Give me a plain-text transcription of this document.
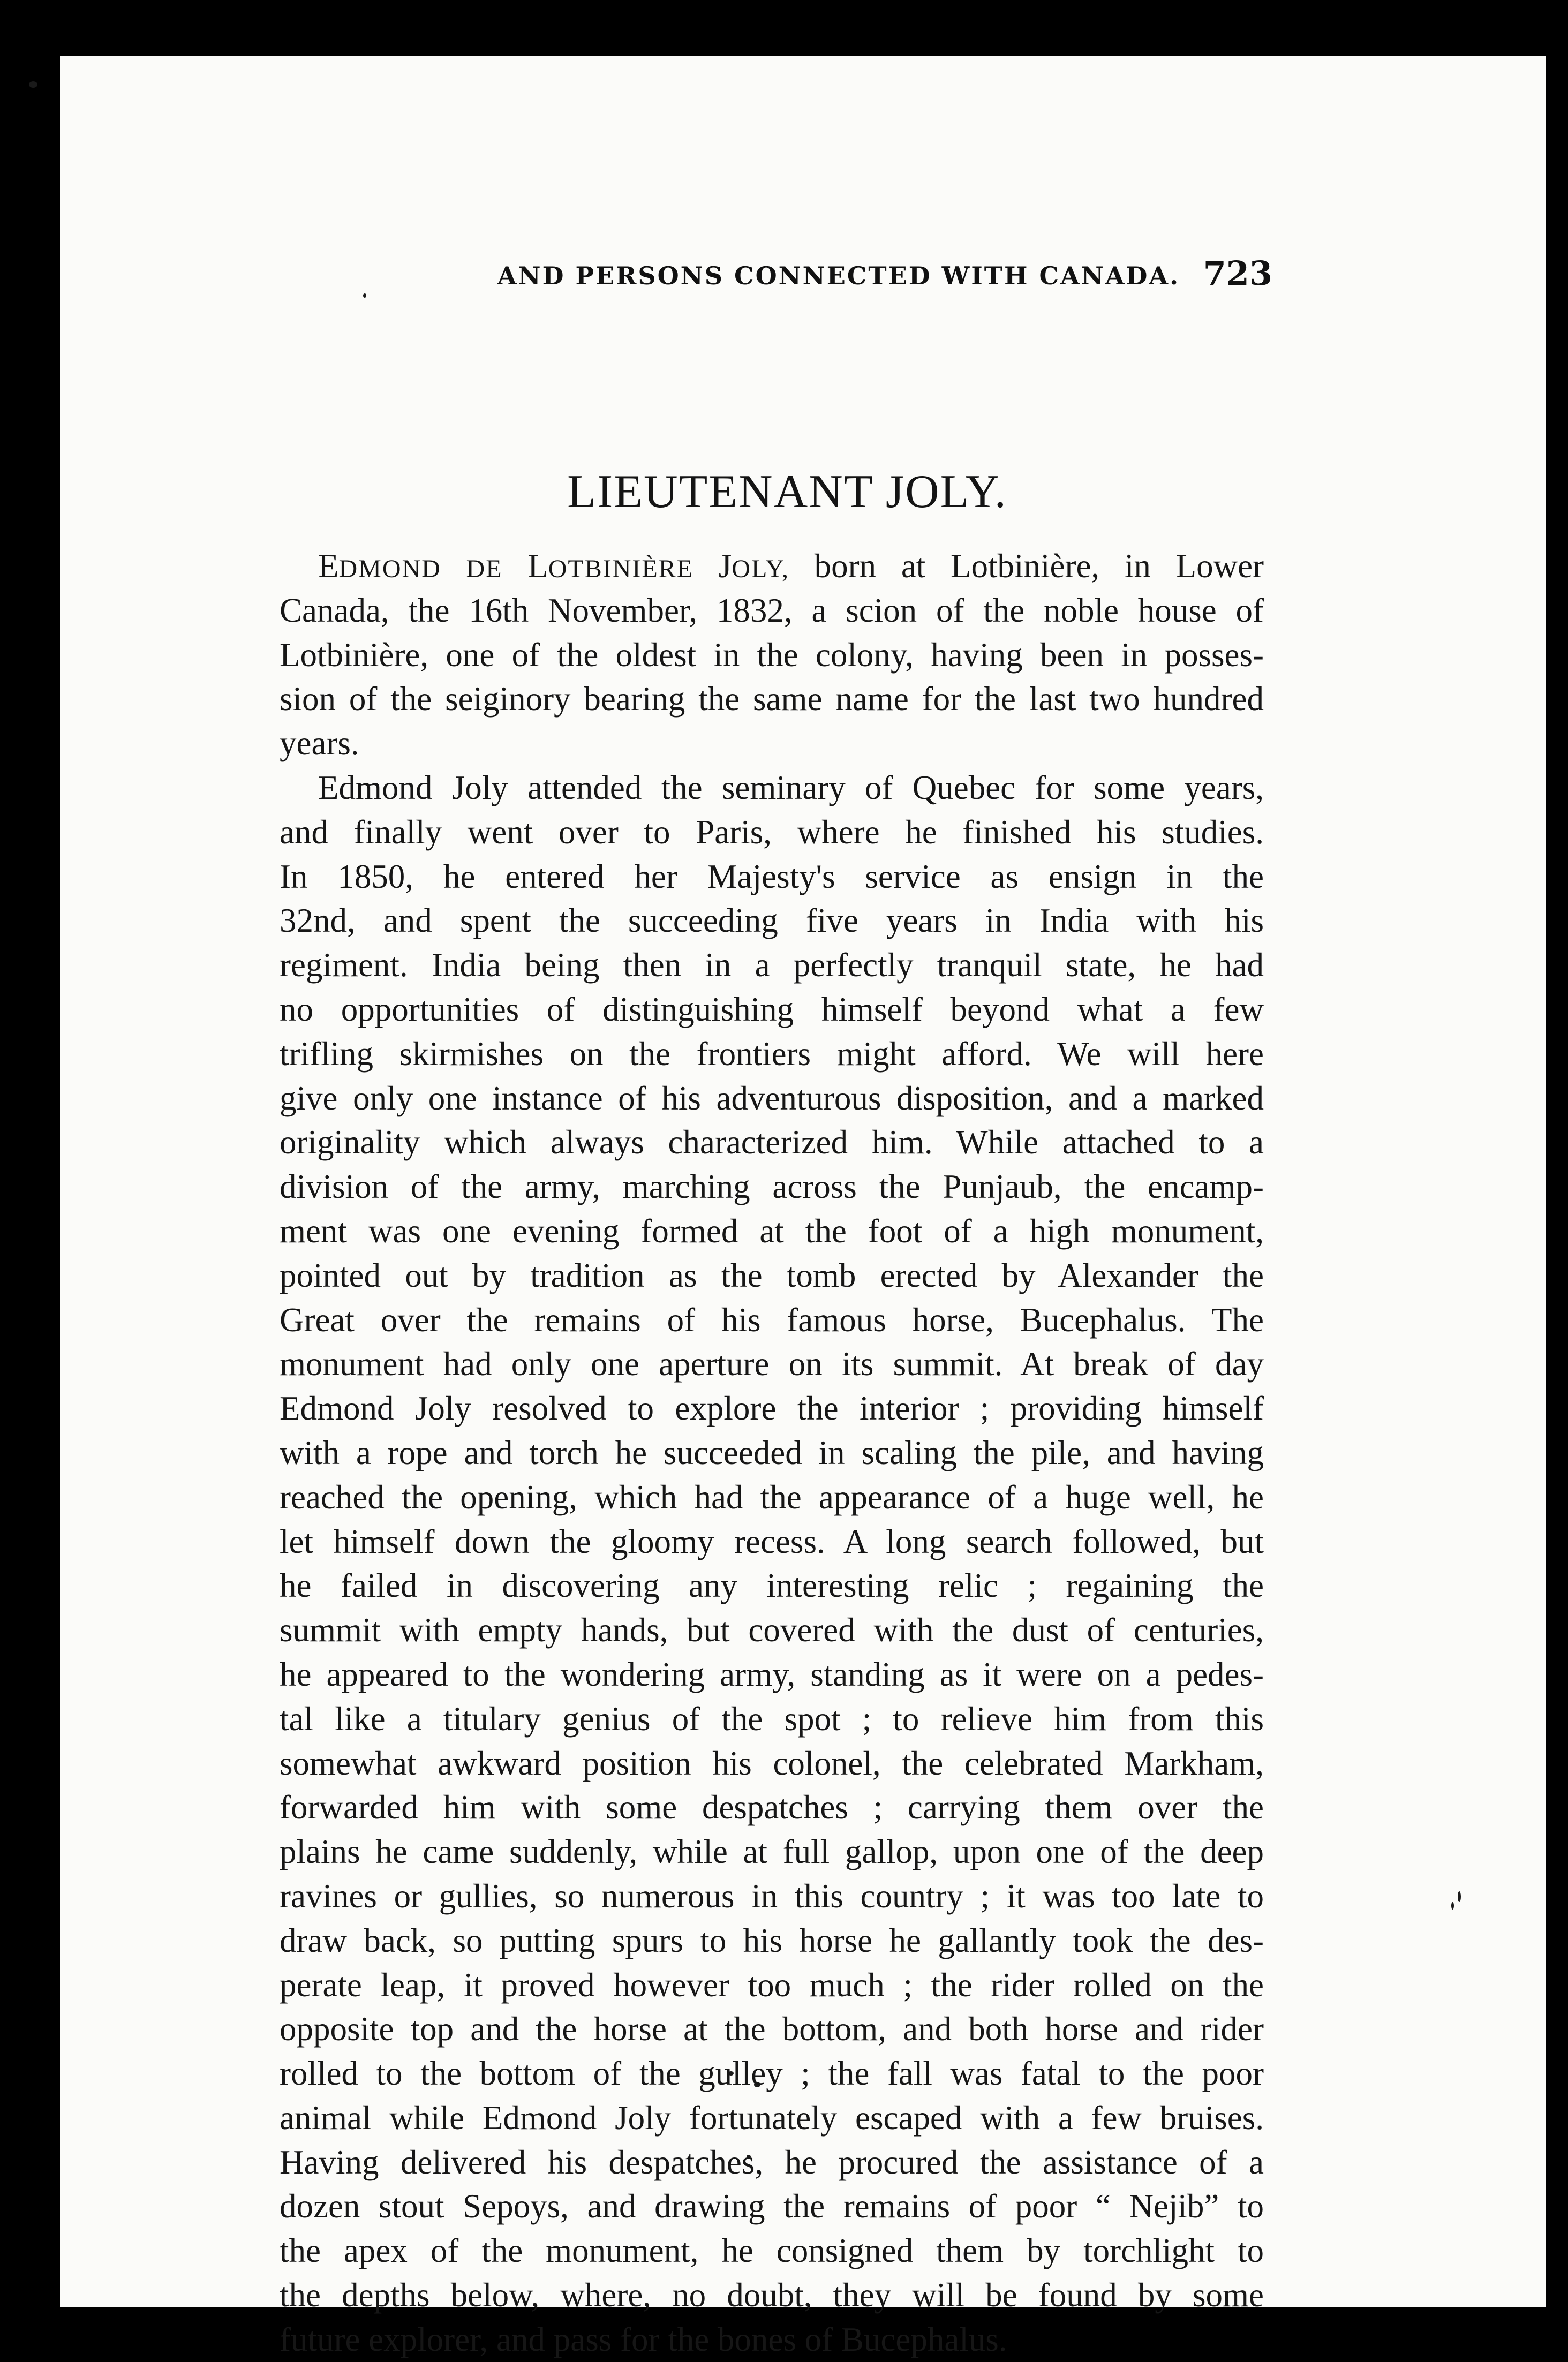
AND PERSONS CONNECTED WITH CANADA. 723
LIEUTENANT JOLY.
EDMOND DE LOTBINIÈRE JOLY, born at Lotbinière, in Lower
Canada, the 16th November, 1832, a scion of the noble house of
Lotbinière, one of the oldest in the colony, having been in posses-
sion of the seiginory bearing the same name for the last two hundred
years.
Edmond Joly attended the seminary of Quebec for some years,
and finally went over to Paris, where he finished his studies.
In 1850, he entered her Majesty's service as ensign in the
32nd, and spent the succeeding five years in India with his
regiment. India being then in a perfectly tranquil state, he had
no opportunities of distinguishing himself beyond what a few
trifling skirmishes on the frontiers might afford. We will here
give only one instance of his adventurous disposition, and a marked
originality which always characterized him. While attached to a
division of the army, marching across the Punjaub, the encamp-
ment was one evening formed at the foot of a high monument,
pointed out by tradition as the tomb erected by Alexander the
Great over the remains of his famous horse, Bucephalus. The
monument had only one aperture on its summit. At break of day
Edmond Joly resolved to explore the interior ; providing himself
with a rope and torch he succeeded in scaling the pile, and having
reached the opening, which had the appearance of a huge well, he
let himself down the gloomy recess. A long search followed, but
he failed in discovering any interesting relic ; regaining the
summit with empty hands, but covered with the dust of centuries,
he appeared to the wondering army, standing as it were on a pedes-
tal like a titulary genius of the spot ; to relieve him from this
somewhat awkward position his colonel, the celebrated Markham,
forwarded him with some despatches ; carrying them over the
plains he came suddenly, while at full gallop, upon one of the deep
ravines or gullies, so numerous in this country ; it was too late to
draw back, so putting spurs to his horse he gallantly took the des-
perate leap, it proved however too much ; the rider rolled on the
opposite top and the horse at the bottom, and both horse and rider
rolled to the bottom of the gulley ; the fall was fatal to the poor
animal while Edmond Joly fortunately escaped with a few bruises.
Having delivered his despatches, he procured the assistance of a
dozen stout Sepoys, and drawing the remains of poor “ Nejib” to
the apex of the monument, he consigned them by torchlight to
the depths below, where, no doubt, they will be found by some
future explorer, and pass for the bones of Bucephalus.
